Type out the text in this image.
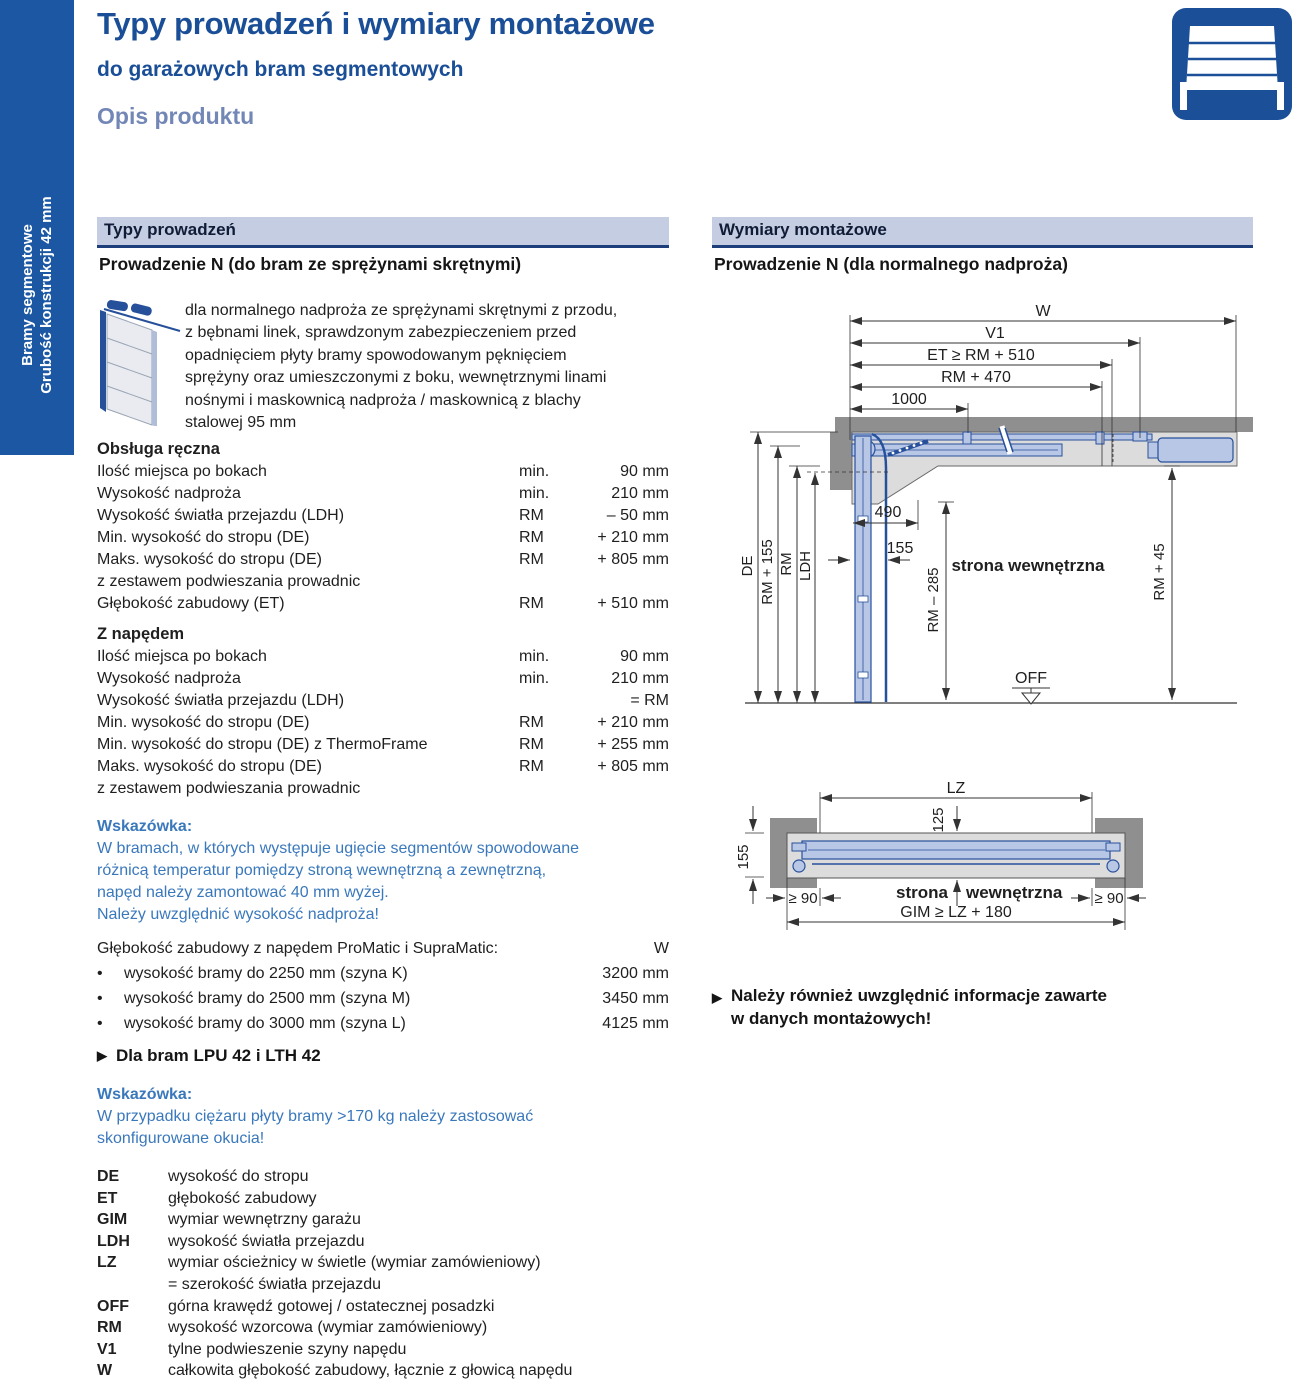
Bramy segmentowe Grubość konstrukcji 42 mm
Typy prowadzeń i wymiary montażowe
do garażowych bram segmentowych
Opis produktu
Typy prowadzeń
Prowadzenie N (do bram ze sprężynami skrętnymi)
dla normalnego nadproża ze sprężynami skrętnymi z przodu,
z bębnami linek, sprawdzonym zabezpieczeniem przed
opadnięciem płyty bramy spowodowanym pęknięciem
sprężyny oraz umieszczonymi z boku, wewnętrznymi linami
nośnymi i maskownicą nadproża / maskownicą z blachy
stalowej 95 mm
Obsługa ręczna
Ilość miejsca po bokach	min.	90 mm
Wysokość nadproża	min.	210 mm
Wysokość światła przejazdu (LDH)	RM	– 50 mm
Min. wysokość do stropu (DE)	RM	+ 210 mm
Maks. wysokość do stropu (DE)	RM	+ 805 mm
z zestawem podwieszania prowadnic
Głębokość zabudowy (ET)	RM	+ 510 mm
Z napędem
Ilość miejsca po bokach	min.	90 mm
Wysokość nadproża	min.	210 mm
Wysokość światła przejazdu (LDH)	= RM
Min. wysokość do stropu (DE)	RM	+ 210 mm
Min. wysokość do stropu (DE) z ThermoFrame	RM	+ 255 mm
Maks. wysokość do stropu (DE)	RM	+ 805 mm
z zestawem podwieszania prowadnic
Wskazówka:
W bramach, w których występuje ugięcie segmentów spowodowane
różnicą temperatur pomiędzy stroną wewnętrzną a zewnętrzną,
napęd należy zamontować 40 mm wyżej.
Należy uwzględnić wysokość nadproża!
Głębokość zabudowy z napędem ProMatic i SupraMatic:	W
•	wysokość bramy do 2250 mm (szyna K)	3200 mm
•	wysokość bramy do 2500 mm (szyna M)	3450 mm
•	wysokość bramy do 3000 mm (szyna L)	4125 mm
▶ Dla bram LPU 42 i LTH 42
Wskazówka:
W przypadku ciężaru płyty bramy >170 kg należy zastosować
skonfigurowane okucia!
DE	wysokość do stropu
ET	głębokość zabudowy
GIM	wymiar wewnętrzny garażu
LDH	wysokość światła przejazdu
LZ	wymiar ościeżnicy w świetle (wymiar zamówieniowy)
= szerokość światła przejazdu
OFF	górna krawędź gotowej / ostatecznej posadzki
RM	wysokość wzorcowa (wymiar zamówieniowy)
V1	tylne podwieszenie szyny napędu
W	całkowita głębokość zabudowy, łącznie z głowicą napędu
Wymiary montażowe
Prowadzenie N (dla normalnego nadproża)
W
V1
ET ≥ RM + 510
RM + 470
1000
DE RM + 155 RM LDH
RM – 285	RM + 45
490
155
strona wewnętrzna
OFF
LZ
125
155
strona wewnętrzna
≥ 90	≥ 90
GIM ≥ LZ + 180
▶ Należy również uwzględnić informacje zawarte
w danych montażowych!
